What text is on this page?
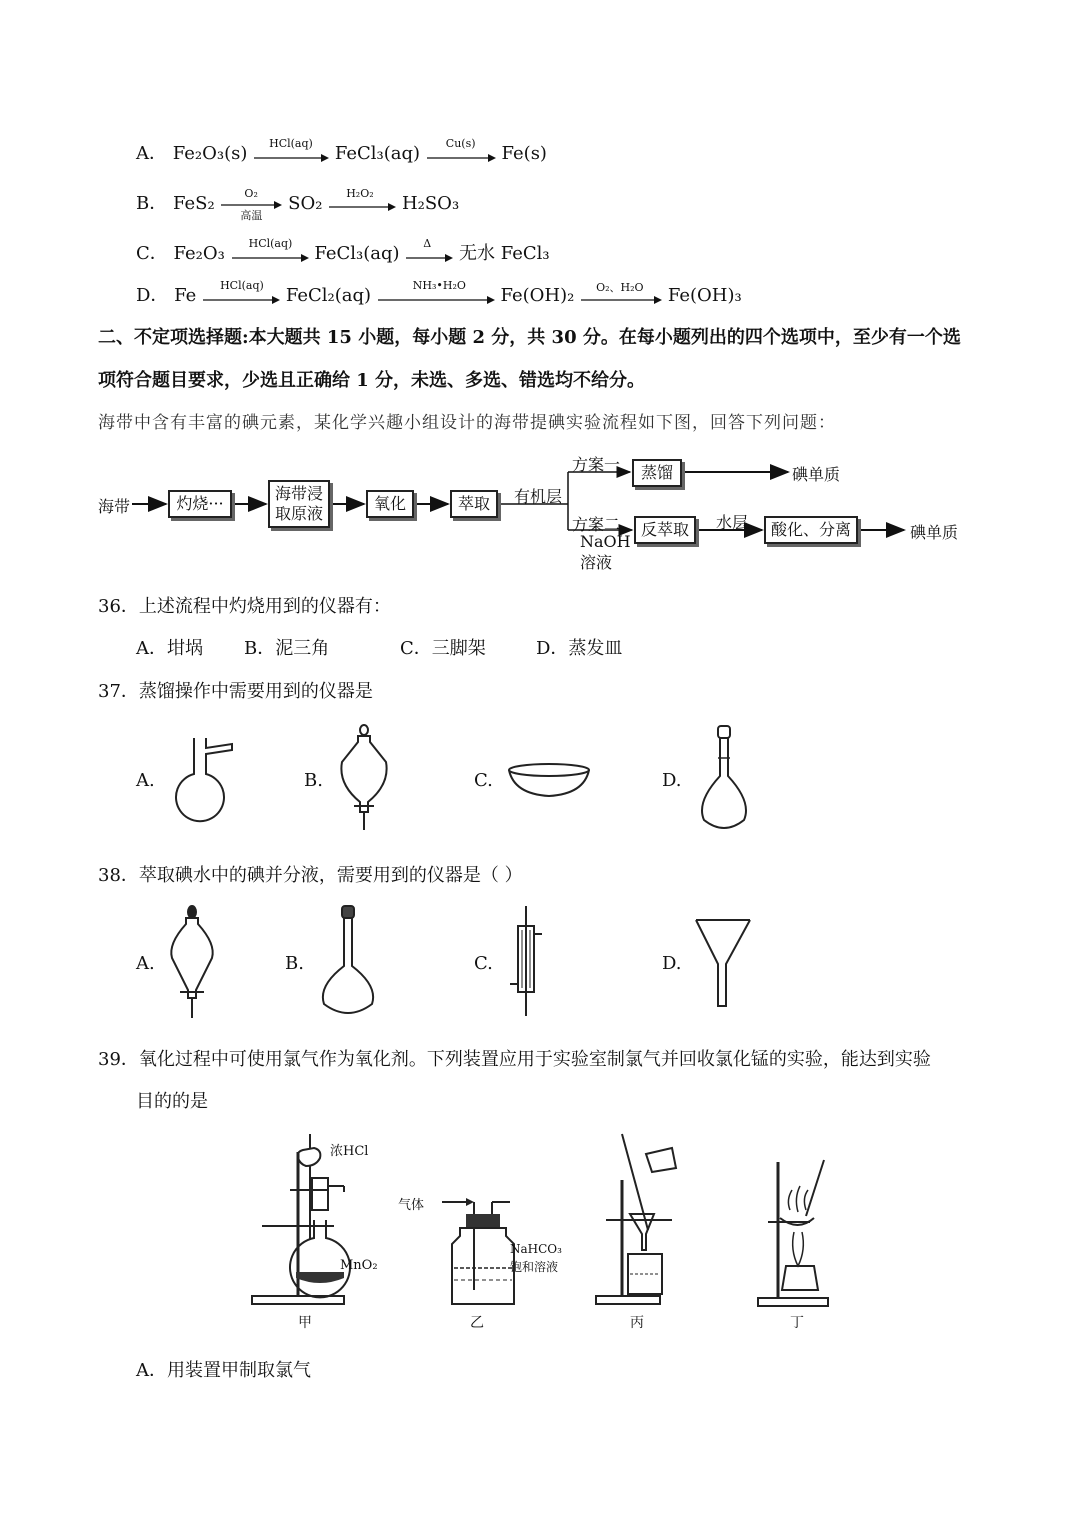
A． Fe₂O₃(s) HCl(aq) FeCl₃(aq) Cu(s) Fe(s)
B． FeS₂	O₂
高温
SO₂ H₂O₂ H₂SO₃
C． Fe₂O₃ HCl(aq) FeCl₃(aq) Δ 无水 FeCl₃
D． Fe HCl(aq) FeCl₂(aq)	NH₃•H₂O Fe(OH)₂ O₂、H₂O Fe(OH)₃
二、不定项选择题:本大题共 15 小题，每小题 2 分，共 30 分。在每小题列出的四个选项中，至少有一个选
项符合题目要求，少选且正确给 1 分，未选、多选、错选均不给分。
海带中含有丰富的碘元素，某化学兴趣小组设计的海带提碘实验流程如下图，回答下列问题：
海带	灼烧···
海带浸取原液
氧化	萃取	有机层
方案一	蒸馏	碘单质
方案二
NaOH
溶液
反萃取	水层	酸化、分离	碘单质
36．上述流程中灼烧用到的仪器有：
A．坩埚 B．泥三角	C．三脚架	D．蒸发皿
37．蒸馏操作中需要用到的仪器是
A.	B.	C.	D.
38．萃取碘水中的碘并分液，需要用到的仪器是（ ）
A.	B.	C.	D.
39．氧化过程中可使用氯气作为氧化剂。下列装置应用于实验室制氯气并回收氯化锰的实验，能达到实验
目的的是
浓HCl
MnO₂
甲
气体
NaHCO₃
饱和溶液
乙	丙	丁
A．用装置甲制取氯气
